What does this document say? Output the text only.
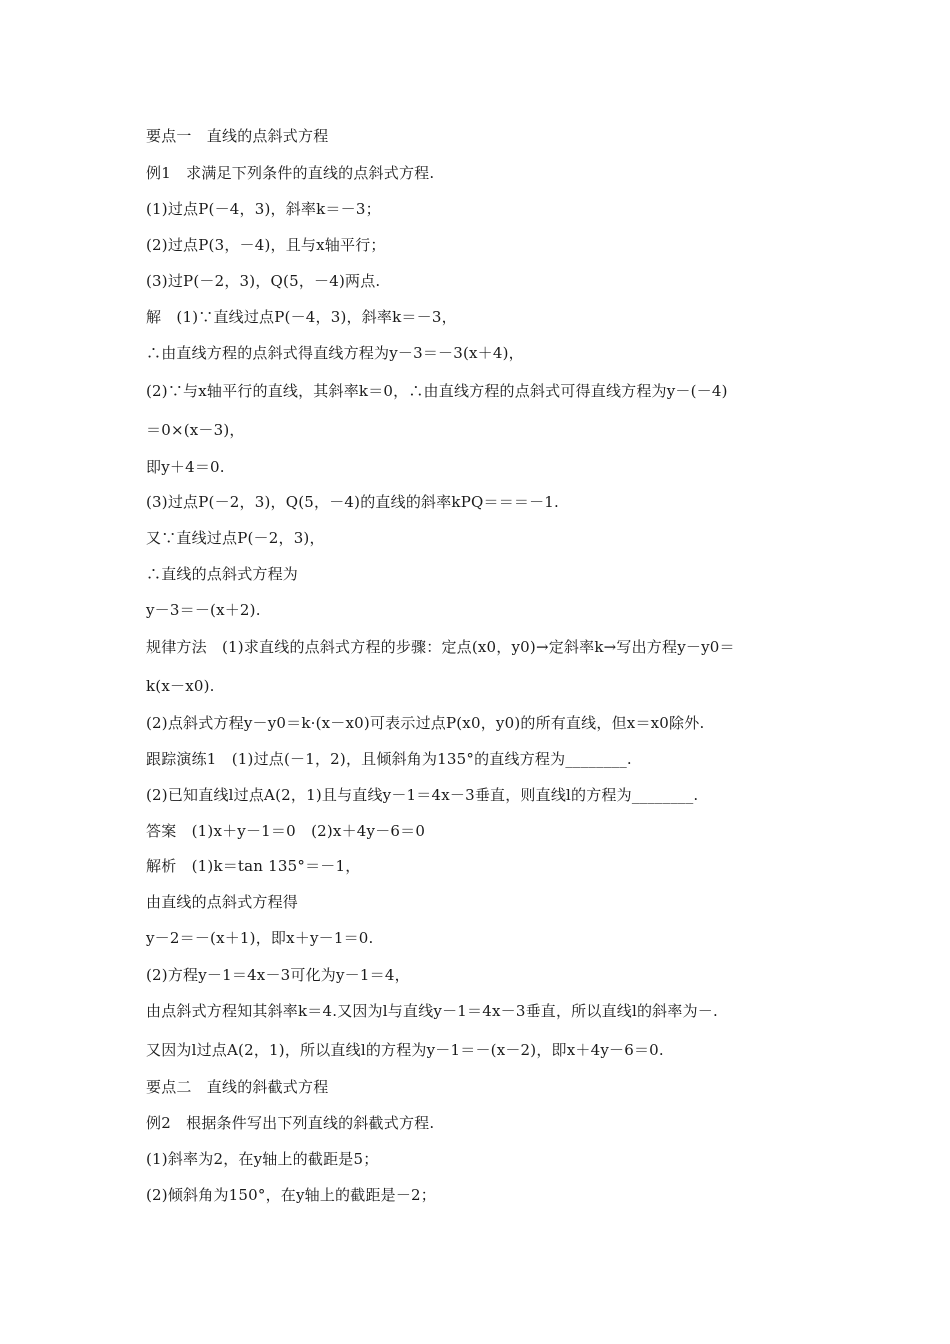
要点一　直线的点斜式方程
例1　求满足下列条件的直线的点斜式方程.
(1)过点P(－4，3)，斜率k＝－3；
(2)过点P(3，－4)，且与x轴平行；
(3)过P(－2，3)，Q(5，－4)两点.
解　(1)∵直线过点P(－4，3)，斜率k＝－3，
∴由直线方程的点斜式得直线方程为y－3＝－3(x＋4)，
(2)∵与x轴平行的直线，其斜率k＝0，∴由直线方程的点斜式可得直线方程为y－(－4)
＝0×(x－3)，
即y＋4＝0.
(3)过点P(－2，3)，Q(5，－4)的直线的斜率kPQ＝＝＝－1.
又∵直线过点P(－2，3)，
∴直线的点斜式方程为
y－3＝－(x＋2).
规律方法　(1)求直线的点斜式方程的步骤：定点(x0，y0)→定斜率k→写出方程y－y0＝
k(x－x0).
(2)点斜式方程y－y0＝k·(x－x0)可表示过点P(x0，y0)的所有直线，但x＝x0除外.
跟踪演练1　(1)过点(－1，2)，且倾斜角为135°的直线方程为________.
(2)已知直线l过点A(2，1)且与直线y－1＝4x－3垂直，则直线l的方程为________.
答案　(1)x＋y－1＝0　(2)x＋4y－6＝0
解析　(1)k＝tan 135°＝－1，
由直线的点斜式方程得
y－2＝－(x＋1)，即x＋y－1＝0.
(2)方程y－1＝4x－3可化为y－1＝4，
由点斜式方程知其斜率k＝4.又因为l与直线y－1＝4x－3垂直，所以直线l的斜率为－.
又因为l过点A(2，1)，所以直线l的方程为y－1＝－(x－2)，即x＋4y－6＝0.
要点二　直线的斜截式方程
例2　根据条件写出下列直线的斜截式方程.
(1)斜率为2，在y轴上的截距是5；
(2)倾斜角为150°，在y轴上的截距是－2；
